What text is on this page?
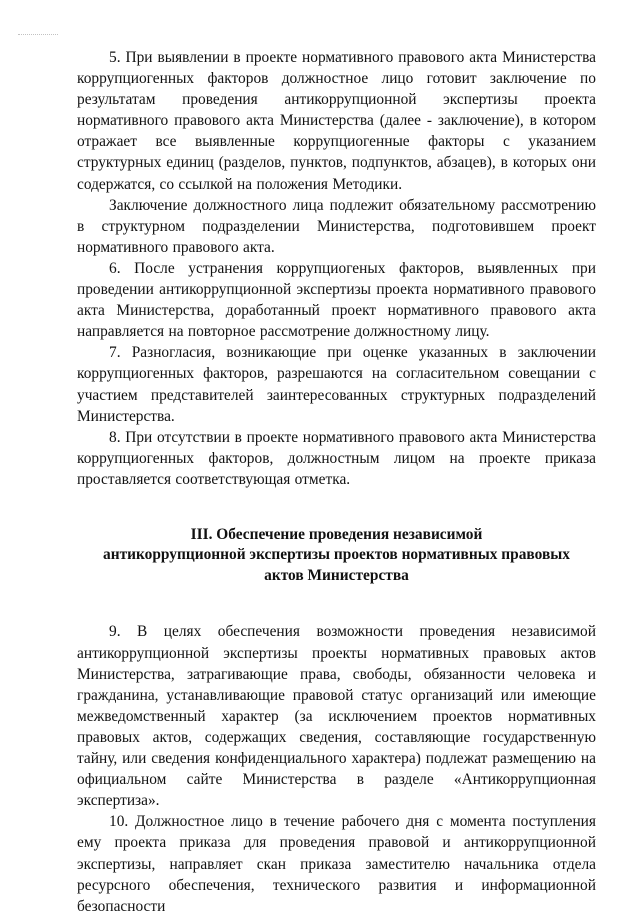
5. При выявлении в проекте нормативного правового акта Министерства коррупциогенных факторов должностное лицо готовит заключение по результатам проведения антикоррупционной экспертизы проекта нормативного правового акта Министерства (далее - заключение), в котором отражает все выявленные коррупциогенные факторы с указанием структурных единиц (разделов, пунктов, подпунктов, абзацев), в которых они содержатся, со ссылкой на положения Методики.

Заключение должностного лица подлежит обязательному рассмотрению в структурном подразделении Министерства, подготовившем проект нормативного правового акта.

6. После устранения коррупциогеных факторов, выявленных при проведении антикоррупционной экспертизы проекта нормативного правового акта Министерства, доработанный проект нормативного правового акта направляется на повторное рассмотрение должностному лицу.

7. Разногласия, возникающие при оценке указанных в заключении коррупциогенных факторов, разрешаются на согласительном совещании с участием представителей заинтересованных структурных подразделений Министерства.

8. При отсутствии в проекте нормативного правового акта Министерства коррупциогенных факторов, должностным лицом на проекте приказа проставляется соответствующая отметка.

III. Обеспечение проведения независимой
антикоррупционной экспертизы проектов нормативных правовых
актов Министерства

9. В целях обеспечения возможности проведения независимой антикоррупционной экспертизы проекты нормативных правовых актов Министерства, затрагивающие права, свободы, обязанности человека и гражданина, устанавливающие правовой статус организаций или имеющие межведомственный характер (за исключением проектов нормативных правовых актов, содержащих сведения, составляющие государственную тайну, или сведения конфиденциального характера) подлежат размещению на официальном сайте Министерства в разделе «Антикоррупционная экспертиза».

10. Должностное лицо в течение рабочего дня с момента поступления ему проекта приказа для проведения правовой и антикоррупционной экспертизы, направляет скан приказа заместителю начальника отдела ресурсного обеспечения, технического развития и информационной безопасности
